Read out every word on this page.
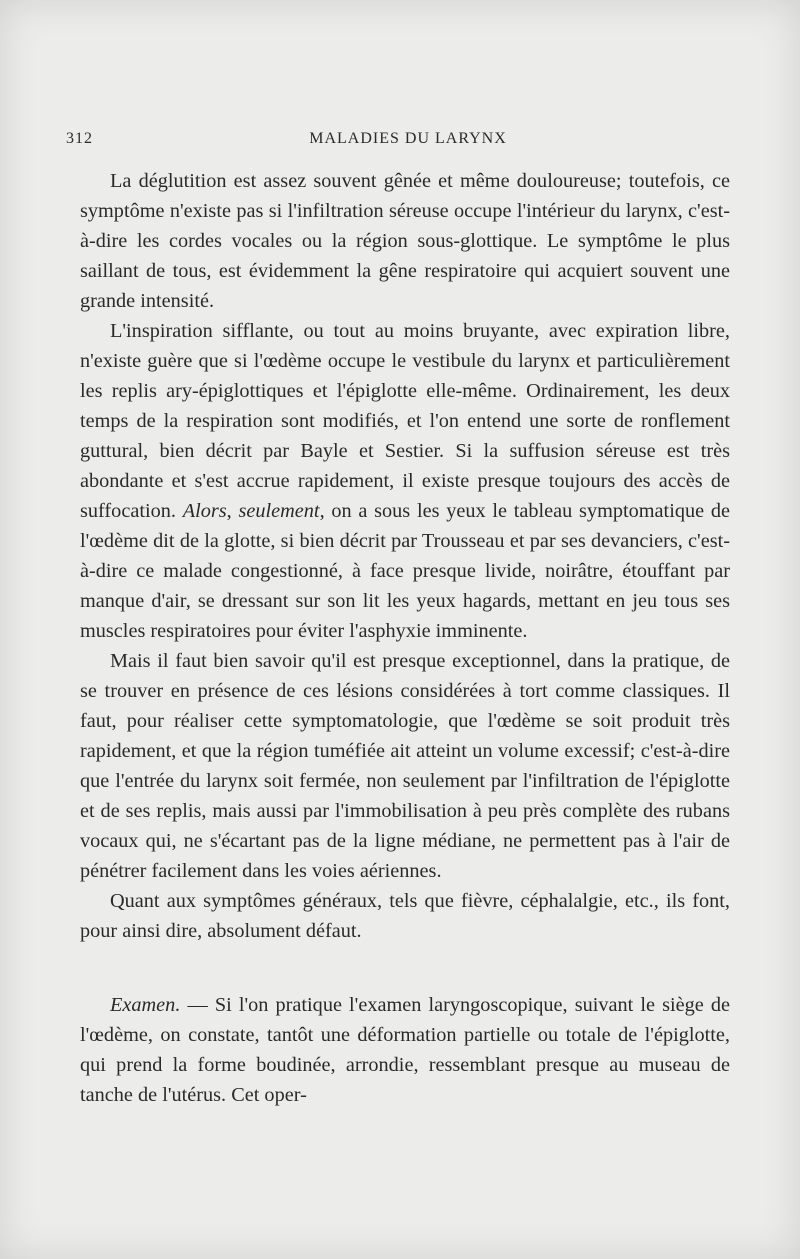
312	MALADIES DU LARYNX

La déglutition est assez souvent gênée et même douloureuse; toutefois, ce symptôme n'existe pas si l'infiltration séreuse occupe l'intérieur du larynx, c'est-à-dire les cordes vocales ou la région sous-glottique. Le symptôme le plus saillant de tous, est évidemment la gêne respiratoire qui acquiert souvent une grande intensité.

L'inspiration sifflante, ou tout au moins bruyante, avec expiration libre, n'existe guère que si l'œdème occupe le vestibule du larynx et particulièrement les replis ary-épiglottiques et l'épiglotte elle-même. Ordinairement, les deux temps de la respiration sont modifiés, et l'on entend une sorte de ronflement guttural, bien décrit par Bayle et Sestier. Si la suffusion séreuse est très abondante et s'est accrue rapidement, il existe presque toujours des accès de suffocation. Alors, seulement, on a sous les yeux le tableau symptomatique de l'œdème dit de la glotte, si bien décrit par Trousseau et par ses devanciers, c'est-à-dire ce malade congestionné, à face presque livide, noirâtre, étouffant par manque d'air, se dressant sur son lit les yeux hagards, mettant en jeu tous ses muscles respiratoires pour éviter l'asphyxie imminente.

Mais il faut bien savoir qu'il est presque exceptionnel, dans la pratique, de se trouver en présence de ces lésions considérées à tort comme classiques. Il faut, pour réaliser cette symptomatologie, que l'œdème se soit produit très rapidement, et que la région tuméfiée ait atteint un volume excessif; c'est-à-dire que l'entrée du larynx soit fermée, non seulement par l'infiltration de l'épiglotte et de ses replis, mais aussi par l'immobilisation à peu près complète des rubans vocaux qui, ne s'écartant pas de la ligne médiane, ne permettent pas à l'air de pénétrer facilement dans les voies aériennes.

Quant aux symptômes généraux, tels que fièvre, céphalalgie, etc., ils font, pour ainsi dire, absolument défaut.

Examen. — Si l'on pratique l'examen laryngoscopique, suivant le siège de l'œdème, on constate, tantôt une déformation partielle ou totale de l'épiglotte, qui prend la forme boudinée, arrondie, ressemblant presque au museau de tanche de l'utérus. Cet oper-
